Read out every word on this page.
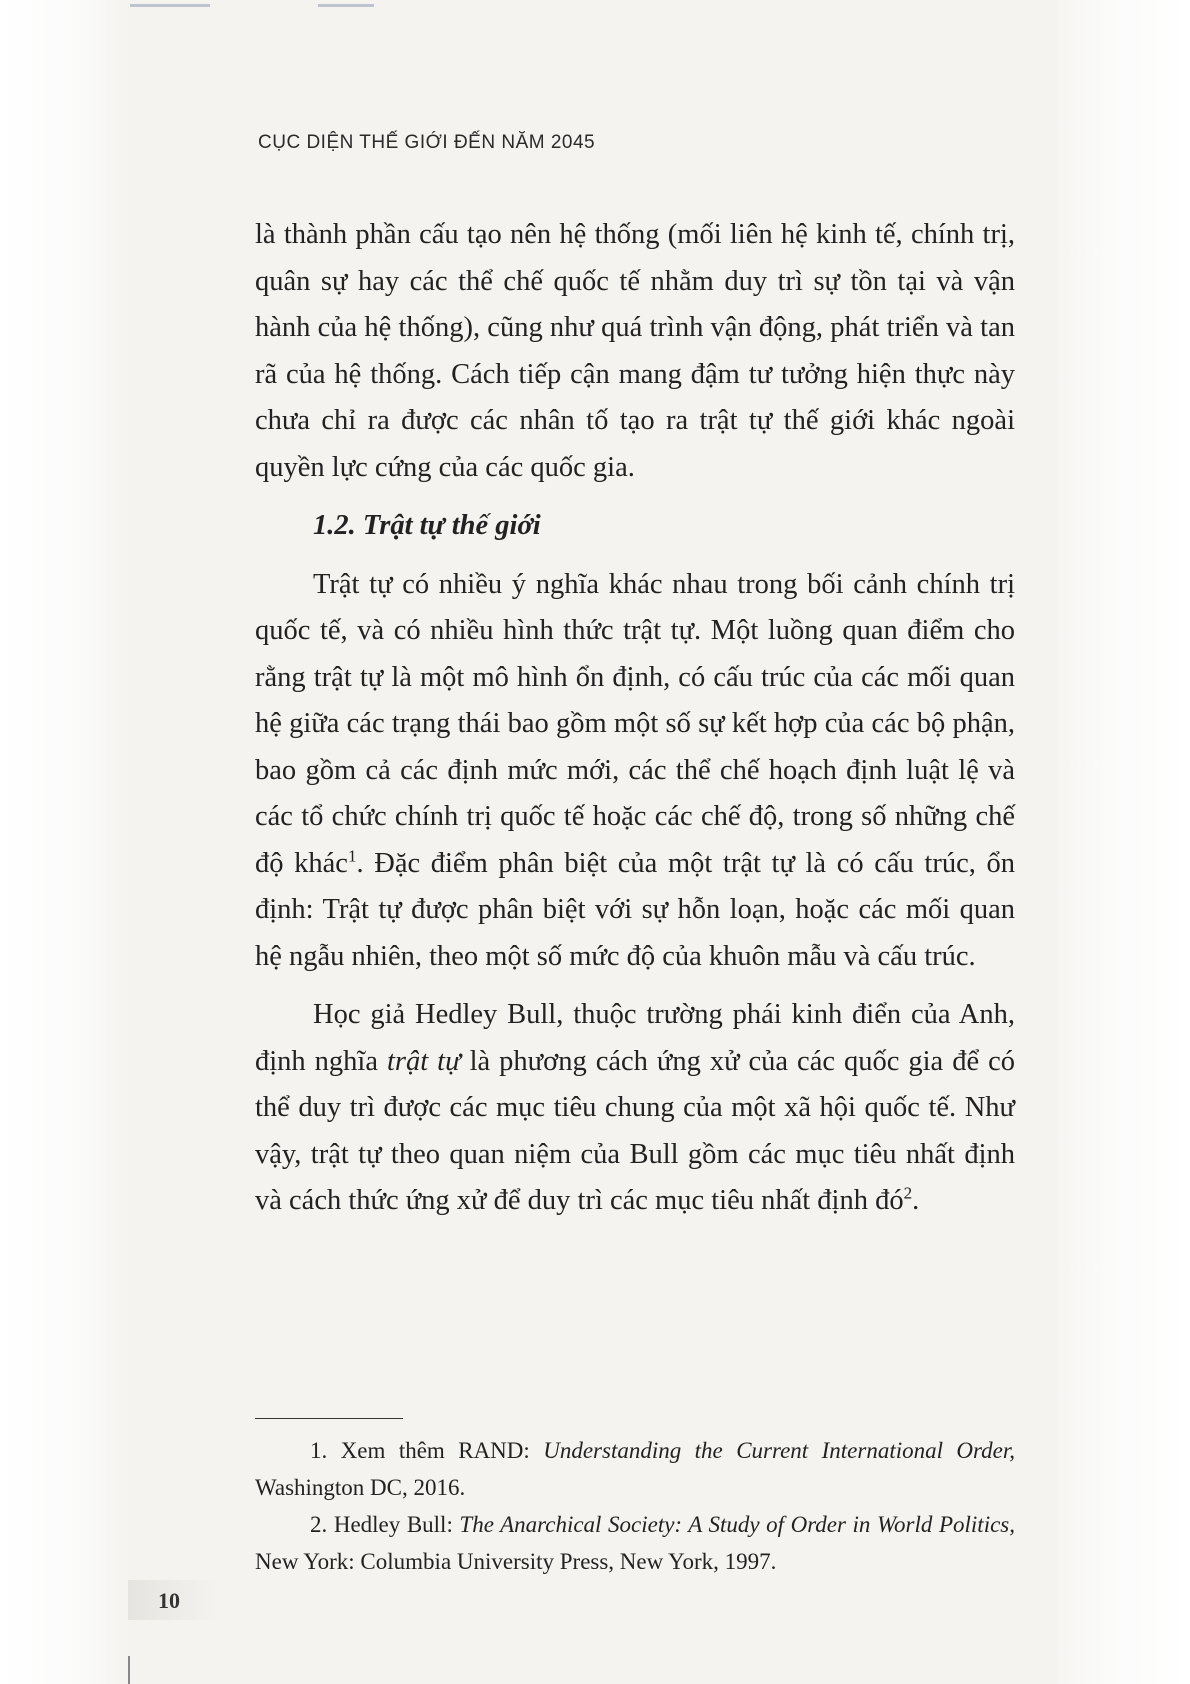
CỤC DIỆN THẾ GIỚI ĐẾN NĂM 2045

là thành phần cấu tạo nên hệ thống (mối liên hệ kinh tế, chính trị, quân sự hay các thể chế quốc tế nhằm duy trì sự tồn tại và vận hành của hệ thống), cũng như quá trình vận động, phát triển và tan rã của hệ thống. Cách tiếp cận mang đậm tư tưởng hiện thực này chưa chỉ ra được các nhân tố tạo ra trật tự thế giới khác ngoài quyền lực cứng của các quốc gia.

1.2. Trật tự thế giới

Trật tự có nhiều ý nghĩa khác nhau trong bối cảnh chính trị quốc tế, và có nhiều hình thức trật tự. Một luồng quan điểm cho rằng trật tự là một mô hình ổn định, có cấu trúc của các mối quan hệ giữa các trạng thái bao gồm một số sự kết hợp của các bộ phận, bao gồm cả các định mức mới, các thể chế hoạch định luật lệ và các tổ chức chính trị quốc tế hoặc các chế độ, trong số những chế độ khác$^1$. Đặc điểm phân biệt của một trật tự là có cấu trúc, ổn định: Trật tự được phân biệt với sự hỗn loạn, hoặc các mối quan hệ ngẫu nhiên, theo một số mức độ của khuôn mẫu và cấu trúc.

Học giả Hedley Bull, thuộc trường phái kinh điển của Anh, định nghĩa trật tự là phương cách ứng xử của các quốc gia để có thể duy trì được các mục tiêu chung của một xã hội quốc tế. Như vậy, trật tự theo quan niệm của Bull gồm các mục tiêu nhất định và cách thức ứng xử để duy trì các mục tiêu nhất định $đó^2$.

1. Xem thêm RAND: Understanding the Current International Order, Washington DC, 2016.

2. Hedley Bull: The Anarchical Society: A Study of Order in World Politics, New York: Columbia University Press, New York, 1997.

10
